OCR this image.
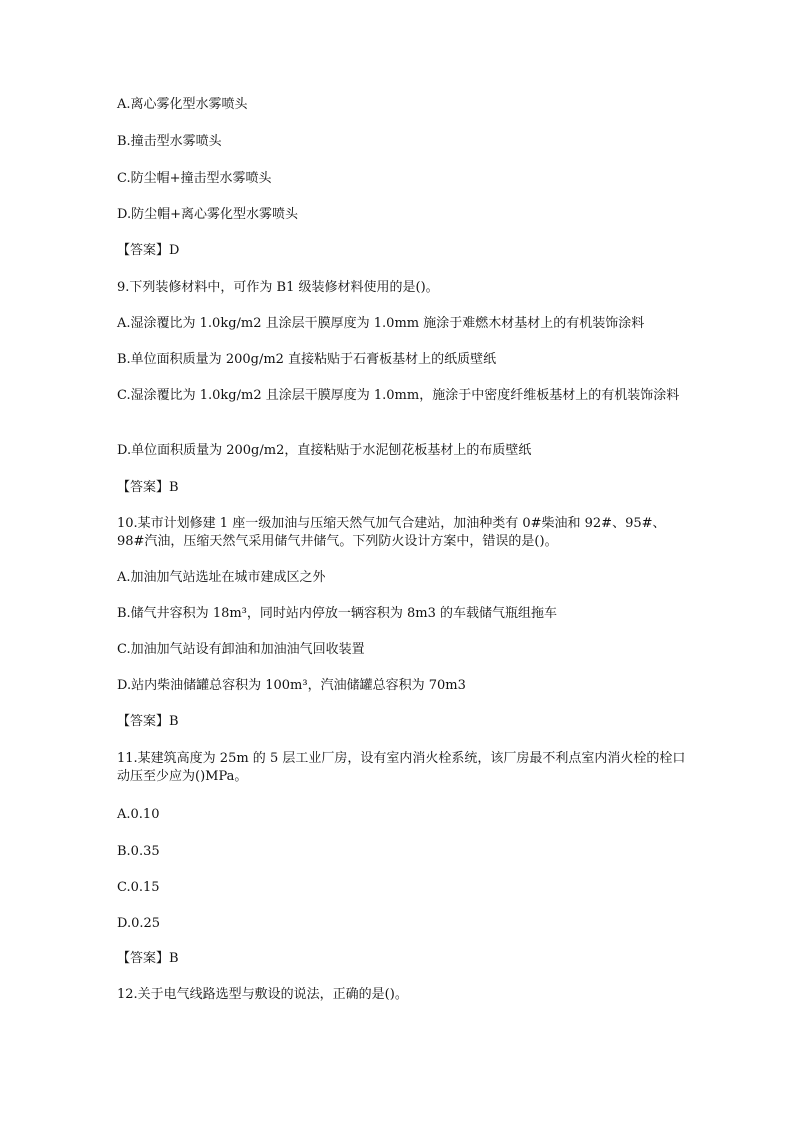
A.离心雾化型水雾喷头
B.撞击型水雾喷头
C.防尘帽+撞击型水雾喷头
D.防尘帽+离心雾化型水雾喷头
【答案】D
9.下列装修材料中，可作为 B1 级装修材料使用的是()。
A.湿涂覆比为 1.0kg/m2 且涂层干膜厚度为 1.0mm 施涂于难燃木材基材上的有机装饰涂料
B.单位面积质量为 200g/m2 直接粘贴于石膏板基材上的纸质壁纸
C.湿涂覆比为 1.0kg/m2 且涂层干膜厚度为 1.0mm，施涂于中密度纤维板基材上的有机装饰涂料
D.单位面积质量为 200g/m2，直接粘贴于水泥刨花板基材上的布质壁纸
【答案】B
10.某市计划修建 1 座一级加油与压缩天然气加气合建站，加油种类有 0#柴油和 92#、95#、98#汽油，压缩天然气采用储气井储气。下列防火设计方案中，错误的是()。
A.加油加气站选址在城市建成区之外
B.储气井容积为 18m³，同时站内停放一辆容积为 8m3 的车载储气瓶组拖车
C.加油加气站设有卸油和加油油气回收装置
D.站内柴油储罐总容积为 100m³，汽油储罐总容积为 70m3
【答案】B
11.某建筑高度为 25m 的 5 层工业厂房，设有室内消火栓系统，该厂房最不利点室内消火栓的栓口动压至少应为()MPa。
A.0.10
B.0.35
C.0.15
D.0.25
【答案】B
12.关于电气线路选型与敷设的说法，正确的是()。
